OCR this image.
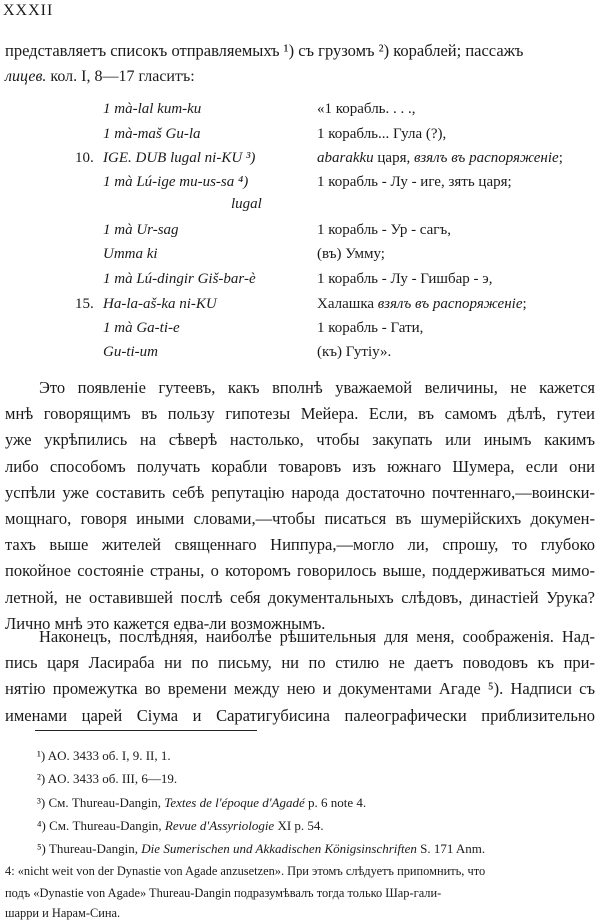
XXXII
представляетъ списокъ отправляемыхъ ¹) съ грузомъ ²) кораблей; пассажъ
лицев. кол. I, 8—17 гласитъ:
1 mà-lal kum-ku	«1 корабль. . . .,
1 mà-maš Gu-la	1 корабль... Гула (?),
10. IGE. DUB lugal ni-KU ³)	abarakku царя, взялъ въ распоряженіе;
1 mà Lú-ige mu-us-sa ⁴)	1 корабль - Лу - иге, зять царя;
lugal
1 mà Ur-sag	1 корабль - Ур - сагъ,
Umma ki	(въ) Умму;
1 mà Lú-dingir Giš-bar-è	1 корабль - Лу - Гишбар - э,
15. Ha-la-aš-ka ni-KU	Халашка взялъ въ распоряженіе;
1 mà Ga-ti-e	1 корабль - Гати,
Gu-ti-um	(къ) Гутіу».
Это появленіе гутеевъ, какъ вполнѣ уважаемой величины, не кажется
мнѣ говорящимъ въ пользу гипотезы Мейера. Если, въ самомъ дѣлѣ, гутеи
уже укрѣпились на сѣверѣ настолько, чтобы закупать или инымъ какимъ
либо способомъ получать корабли товаровъ изъ южнаго Шумера, если они
успѣли уже составить себѣ репутацію народа достаточно почтеннаго,—воински-
мощнаго, говоря иными словами,—чтобы писаться въ шумерійскихъ докумен-
тахъ выше жителей священнаго Ниппура,—могло ли, спрошу, то глубоко
покойное состояніе страны, о которомъ говорилось выше, поддерживаться мимо-
летной, не оставившей послѣ себя документальныхъ слѣдовъ, династіей Урука?
Лично мнѣ это кажется едва-ли возможнымъ.
Наконецъ, послѣдняя, наиболѣе рѣшительныя для меня, соображенія. Над-
пись царя Ласираба ни по письму, ни по стилю не даетъ поводовъ къ при-
нятію промежутка во времени между нею и документами Агаде ⁵). Надписи съ
именами царей Сіума и Саратигубисина палеографически приблизительно
¹) AO. 3433 об. I, 9. II, 1.
²) AO. 3433 об. III, 6—19.
³) См. Thureau-Dangin, Textes de l'époque d'Agadé p. 6 note 4.
⁴) См. Thureau-Dangin, Revue d'Assyriologie XI p. 54.
⁵) Thureau-Dangin, Die Sumerischen und Akkadischen Königsinschriften S. 171 Anm.
4: «nicht weit von der Dynastie von Agade anzusetzen». При этомъ слѣдуетъ припомнить, что
подъ «Dynastie von Agade» Thureau-Dangin подразумѣвалъ тогда только Шар-гали-
шарри и Нарам-Сина.
